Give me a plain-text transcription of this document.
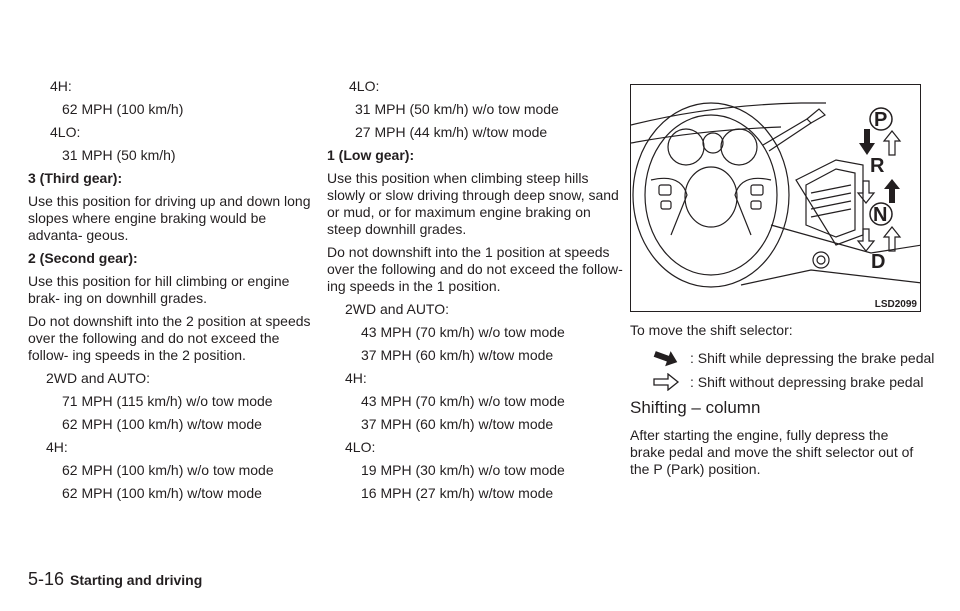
4H:
62 MPH (100 km/h)
4LO:
31 MPH (50 km/h)
3 (Third gear):
Use this position for driving up and down long slopes where engine braking would be advanta- geous.
2 (Second gear):
Use this position for hill climbing or engine brak- ing on downhill grades.
Do not downshift into the 2 position at speeds over the following and do not exceed the follow- ing speeds in the 2 position.
2WD and AUTO:
71 MPH (115 km/h) w/o tow mode
62 MPH (100 km/h) w/tow mode
4H:
62 MPH (100 km/h) w/o tow mode
62 MPH (100 km/h) w/tow mode
4LO:
31 MPH (50 km/h) w/o tow mode
27 MPH (44 km/h) w/tow mode
1 (Low gear):
Use this position when climbing steep hills slowly or slow driving through deep snow, sand or mud, or for maximum engine braking on steep downhill grades.
Do not downshift into the 1 position at speeds over the following and do not exceed the follow- ing speeds in the 1 position.
2WD and AUTO:
43 MPH (70 km/h) w/o tow mode
37 MPH (60 km/h) w/tow mode
4H:
43 MPH (70 km/h) w/o tow mode
37 MPH (60 km/h) w/tow mode
4LO:
19 MPH (30 km/h) w/o tow mode
16 MPH (27 km/h) w/tow mode
P
R
N
D
LSD2099
To move the shift selector:
: Shift while depressing the brake pedal
: Shift without depressing brake pedal
Shifting – column
After starting the engine, fully depress the brake pedal and move the shift selector out of the P (Park) position.
5-16 Starting and driving
